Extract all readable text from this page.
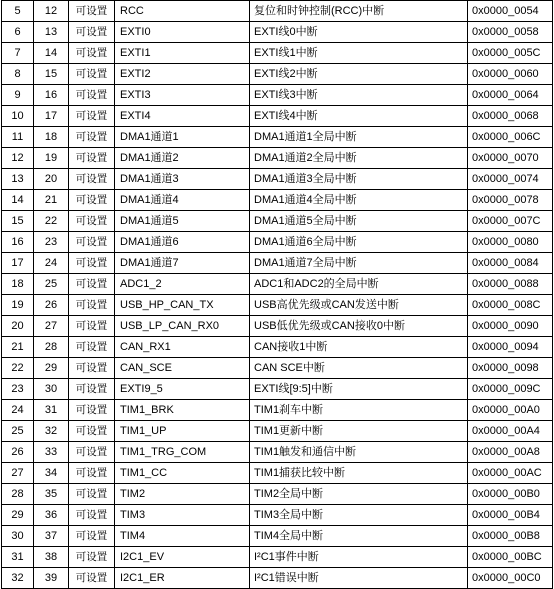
5	12	可设置	RCC	复位和时钟控制(RCC)中断	0x0000_0054
6	13	可设置	EXTI0	EXTI线0中断	0x0000_0058
7	14	可设置	EXTI1	EXTI线1中断	0x0000_005C
8	15	可设置	EXTI2	EXTI线2中断	0x0000_0060
9	16	可设置	EXTI3	EXTI线3中断	0x0000_0064
10	17	可设置	EXTI4	EXTI线4中断	0x0000_0068
11	18	可设置	DMA1通道1	DMA1通道1全局中断	0x0000_006C
12	19	可设置	DMA1通道2	DMA1通道2全局中断	0x0000_0070
13	20	可设置	DMA1通道3	DMA1通道3全局中断	0x0000_0074
14	21	可设置	DMA1通道4	DMA1通道4全局中断	0x0000_0078
15	22	可设置	DMA1通道5	DMA1通道5全局中断	0x0000_007C
16	23	可设置	DMA1通道6	DMA1通道6全局中断	0x0000_0080
17	24	可设置	DMA1通道7	DMA1通道7全局中断	0x0000_0084
18	25	可设置	ADC1_2	ADC1和ADC2的全局中断	0x0000_0088
19	26	可设置	USB_HP_CAN_TX	USB高优先级或CAN发送中断	0x0000_008C
20	27	可设置	USB_LP_CAN_RX0	USB低优先级或CAN接收0中断	0x0000_0090
21	28	可设置	CAN_RX1	CAN接收1中断	0x0000_0094
22	29	可设置	CAN_SCE	CAN SCE中断	0x0000_0098
23	30	可设置	EXTI9_5	EXTI线[9:5]中断	0x0000_009C
24	31	可设置	TIM1_BRK	TIM1刹车中断	0x0000_00A0
25	32	可设置	TIM1_UP	TIM1更新中断	0x0000_00A4
26	33	可设置	TIM1_TRG_COM	TIM1触发和通信中断	0x0000_00A8
27	34	可设置	TIM1_CC	TIM1捕获比较中断	0x0000_00AC
28	35	可设置	TIM2	TIM2全局中断	0x0000_00B0
29	36	可设置	TIM3	TIM3全局中断	0x0000_00B4
30	37	可设置	TIM4	TIM4全局中断	0x0000_00B8
31	38	可设置	I2C1_EV	I²C1事件中断	0x0000_00BC
32	39	可设置	I2C1_ER	I²C1错误中断	0x0000_00C0
